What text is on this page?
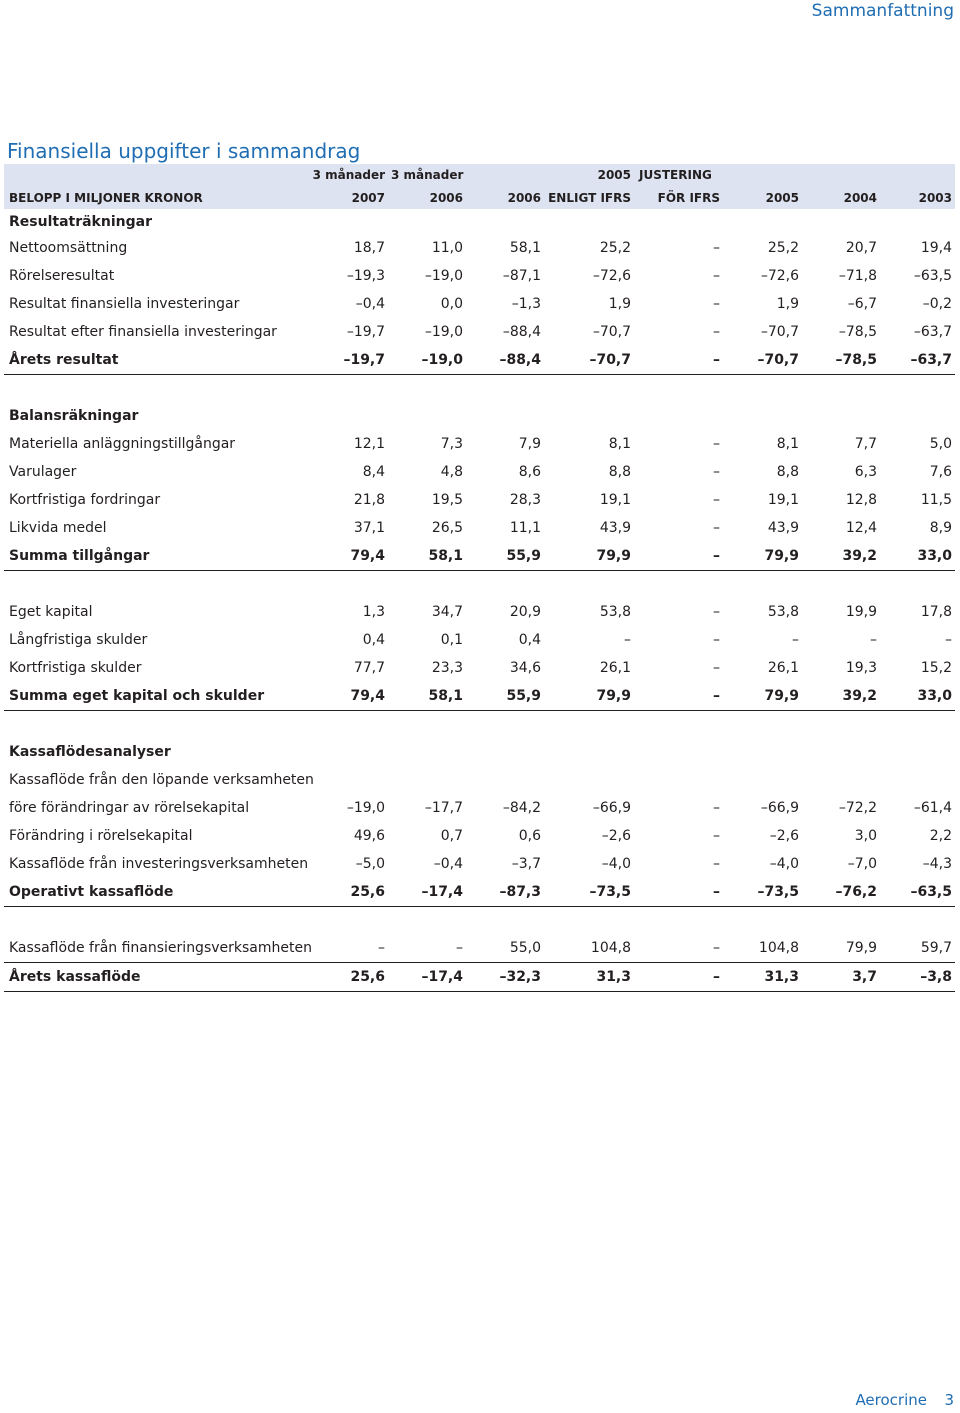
Sammanfattning
Finansiella uppgifter i sammandrag
	3 månader	3 månader		2005	JUSTERING			
BELOPP I MILJONER KRONOR	2007	2006	2006	ENLIGT IFRS	FÖR IFRS	2005	2004	2003
Resultaträkningar								
Nettoomsättning	18,7	11,0	58,1	25,2	–	25,2	20,7	19,4
Rörelseresultat	–19,3	–19,0	–87,1	–72,6	–	–72,6	–71,8	–63,5
Resultat finansiella investeringar	–0,4	0,0	–1,3	1,9	–	1,9	–6,7	–0,2
Resultat efter finansiella investeringar	–19,7	–19,0	–88,4	–70,7	–	–70,7	–78,5	–63,7
Årets resultat	–19,7	–19,0	–88,4	–70,7	–	–70,7	–78,5	–63,7

Balansräkningar								
Materiella anläggningstillgångar	12,1	7,3	7,9	8,1	–	8,1	7,7	5,0
Varulager	8,4	4,8	8,6	8,8	–	8,8	6,3	7,6
Kortfristiga fordringar	21,8	19,5	28,3	19,1	–	19,1	12,8	11,5
Likvida medel	37,1	26,5	11,1	43,9	–	43,9	12,4	8,9
Summa tillgångar	79,4	58,1	55,9	79,9	–	79,9	39,2	33,0

Eget kapital	1,3	34,7	20,9	53,8	–	53,8	19,9	17,8
Långfristiga skulder	0,4	0,1	0,4	–	–	–	–	–
Kortfristiga skulder	77,7	23,3	34,6	26,1	–	26,1	19,3	15,2
Summa eget kapital och skulder	79,4	58,1	55,9	79,9	–	79,9	39,2	33,0

Kassaflödesanalyser								
Kassaflöde från den löpande verksamheten								
före förändringar av rörelsekapital	–19,0	–17,7	–84,2	–66,9	–	–66,9	–72,2	–61,4
Förändring i rörelsekapital	49,6	0,7	0,6	–2,6	–	–2,6	3,0	2,2
Kassaflöde från investeringsverksamheten	–5,0	–0,4	–3,7	–4,0	–	–4,0	–7,0	–4,3
Operativt kassaflöde	25,6	–17,4	–87,3	–73,5	–	–73,5	–76,2	–63,5

Kassaflöde från finansieringsverksamheten	–	–	55,0	104,8	–	104,8	79,9	59,7
Årets kassaflöde	25,6	–17,4	–32,3	31,3	–	31,3	3,7	–3,8
Aerocrine 3
